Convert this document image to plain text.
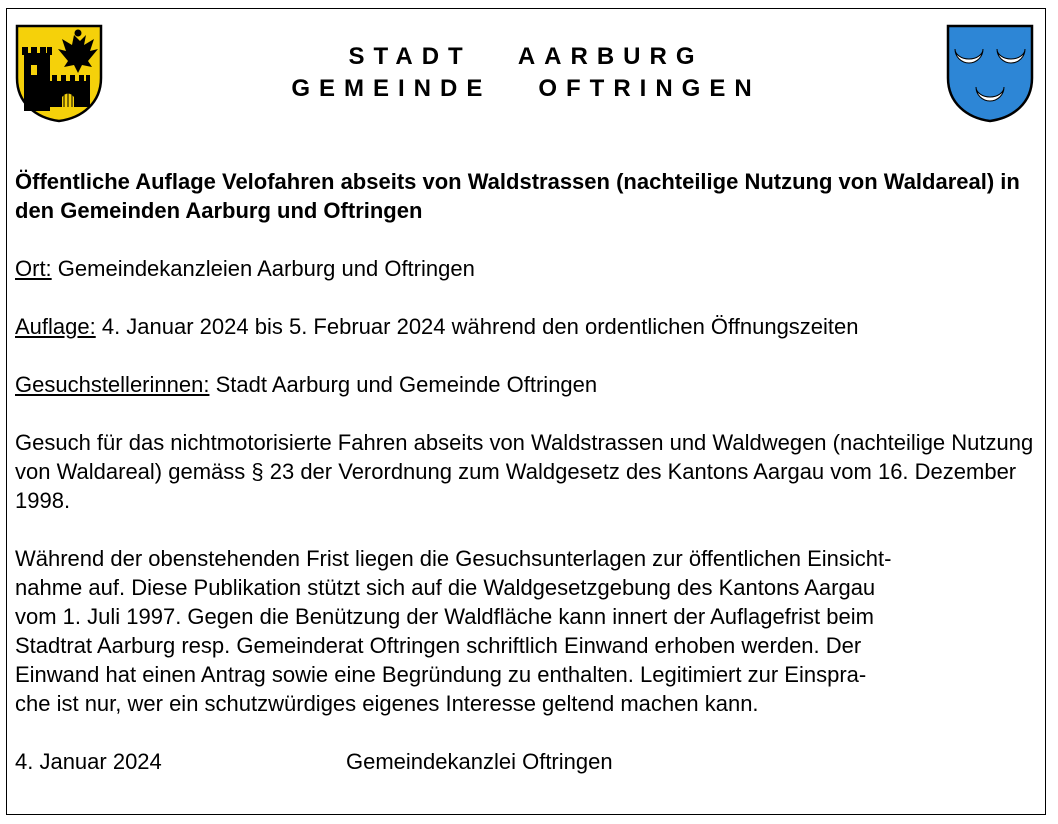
STADT   AARBURG
GEMEINDE   OFTRINGEN

Öffentliche Auflage Velofahren abseits von Waldstrassen (nachteilige Nutzung von Waldareal) in den Gemeinden Aarburg und Oftringen

Ort: Gemeindekanzleien Aarburg und Oftringen

Auflage: 4. Januar 2024 bis 5. Februar 2024 während den ordentlichen Öffnungszeiten

Gesuchstellerinnen: Stadt Aarburg und Gemeinde Oftringen

Gesuch für das nichtmotorisierte Fahren abseits von Waldstrassen und Waldwegen (nachteilige Nutzung von Waldareal) gemäss § 23 der Verordnung zum Waldgesetz des Kantons Aargau vom 16. Dezember 1998.

Während der obenstehenden Frist liegen die Gesuchsunterlagen zur öffentlichen Einsicht-
nahme auf. Diese Publikation stützt sich auf die Waldgesetzgebung des Kantons Aargau
vom 1. Juli 1997. Gegen die Benützung der Waldfläche kann innert der Auflagefrist beim
Stadtrat Aarburg resp. Gemeinderat Oftringen schriftlich Einwand erhoben werden. Der
Einwand hat einen Antrag sowie eine Begründung zu enthalten. Legitimiert zur Einspra-
che ist nur, wer ein schutzwürdiges eigenes Interesse geltend machen kann.

4. Januar 2024	Gemeindekanzlei Oftringen
